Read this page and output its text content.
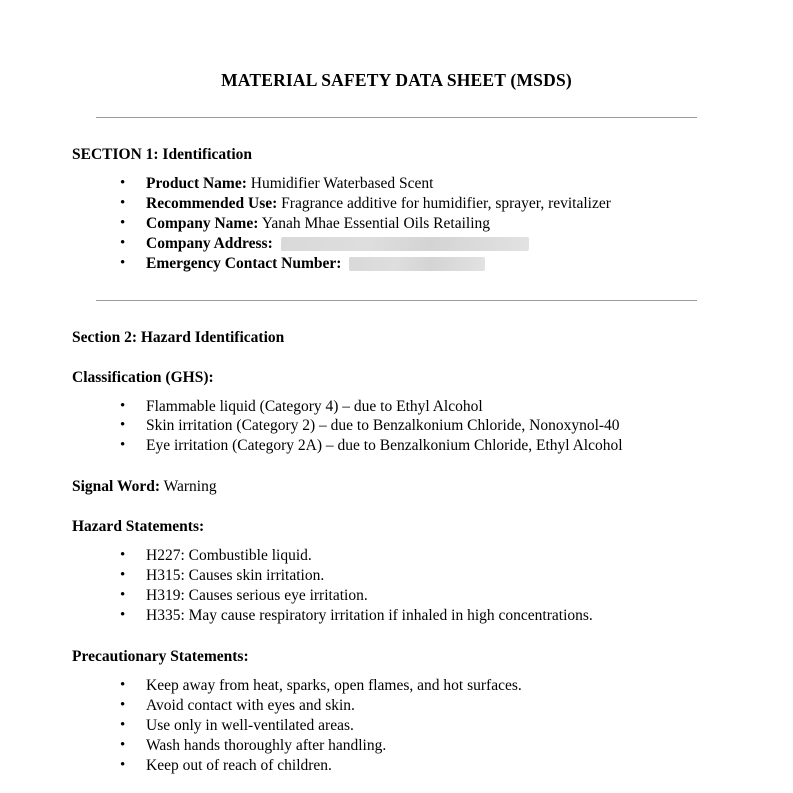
MATERIAL SAFETY DATA SHEET (MSDS)
SECTION 1: Identification
• Product Name: Humidifier Waterbased Scent
• Recommended Use: Fragrance additive for humidifier, sprayer, revitalizer
• Company Name: Yanah Mhae Essential Oils Retailing
• Company Address:
• Emergency Contact Number:
Section 2: Hazard Identification
Classification (GHS):
• Flammable liquid (Category 4) – due to Ethyl Alcohol
• Skin irritation (Category 2) – due to Benzalkonium Chloride, Nonoxynol-40
• Eye irritation (Category 2A) – due to Benzalkonium Chloride, Ethyl Alcohol

Signal Word: Warning

Hazard Statements:
• H227: Combustible liquid.
• H315: Causes skin irritation.
• H319: Causes serious eye irritation.
• H335: May cause respiratory irritation if inhaled in high concentrations.
Precautionary Statements:
• Keep away from heat, sparks, open flames, and hot surfaces.
• Avoid contact with eyes and skin.
• Use only in well-ventilated areas.
• Wash hands thoroughly after handling.
• Keep out of reach of children.
